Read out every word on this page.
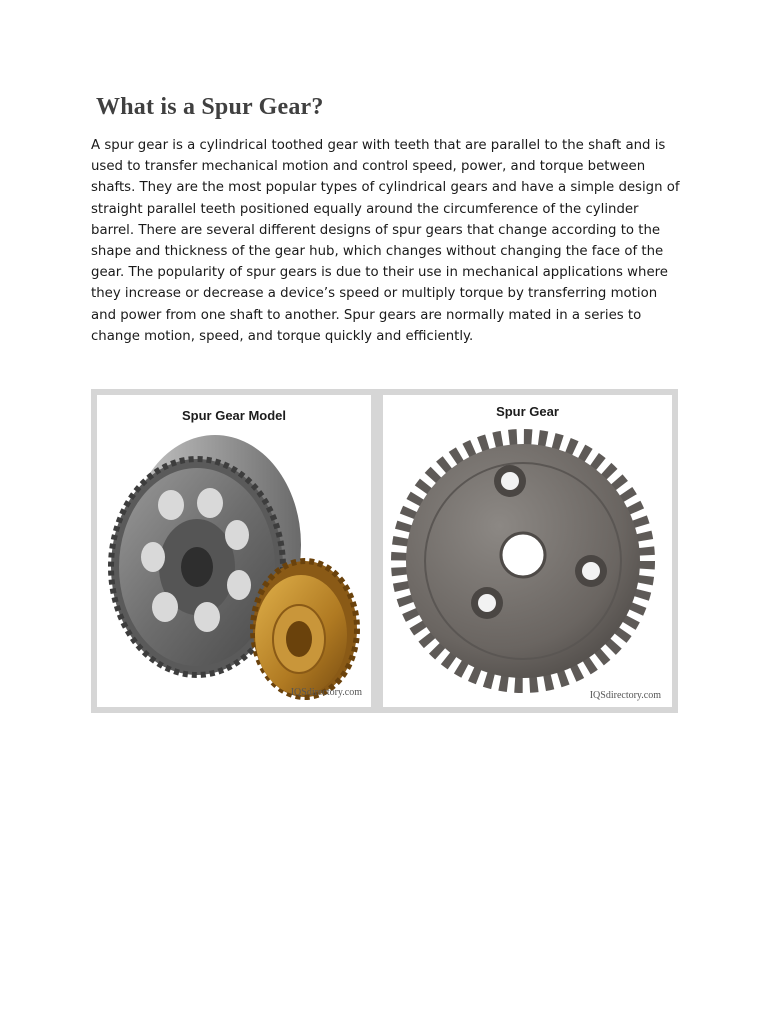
What is a Spur Gear?

A spur gear is a cylindrical toothed gear with teeth that are parallel to the shaft and is used to transfer mechanical motion and control speed, power, and torque between shafts. They are the most popular types of cylindrical gears and have a simple design of straight parallel teeth positioned equally around the circumference of the cylinder barrel. There are several different designs of spur gears that change according to the shape and thickness of the gear hub, which changes without changing the face of the gear. The popularity of spur gears is due to their use in mechanical applications where they increase or decrease a device’s speed or multiply torque by transferring motion and power from one shaft to another. Spur gears are normally mated in a series to change motion, speed, and torque quickly and efficiently.

Spur Gear Model
IQSdirectory.com
Spur Gear
IQSdirectory.com
